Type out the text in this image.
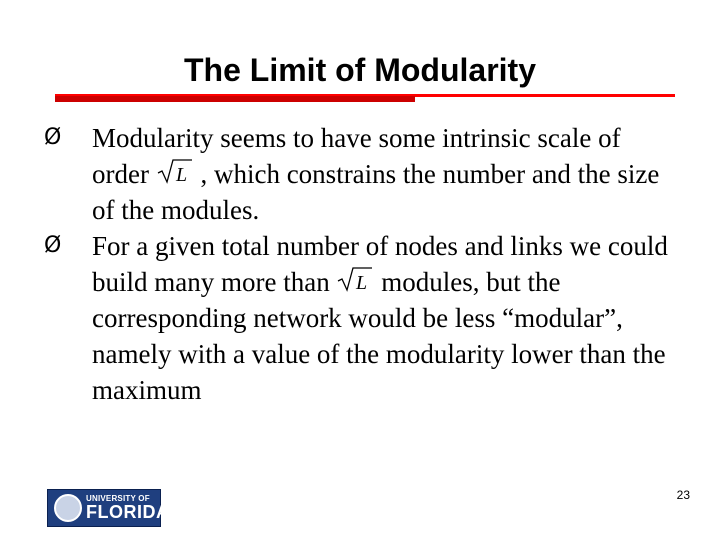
The Limit of Modularity
Ø	Modularity seems to have some intrinsic scale of order L , which constrains the number and the size of the modules.
Ø	For a given total number of nodes and links we could build many more than L modules, but the corresponding network would be less “modular”, namely with a value of the modularity lower than the maximum
UNIVERSITY OF
FLORIDA
23
